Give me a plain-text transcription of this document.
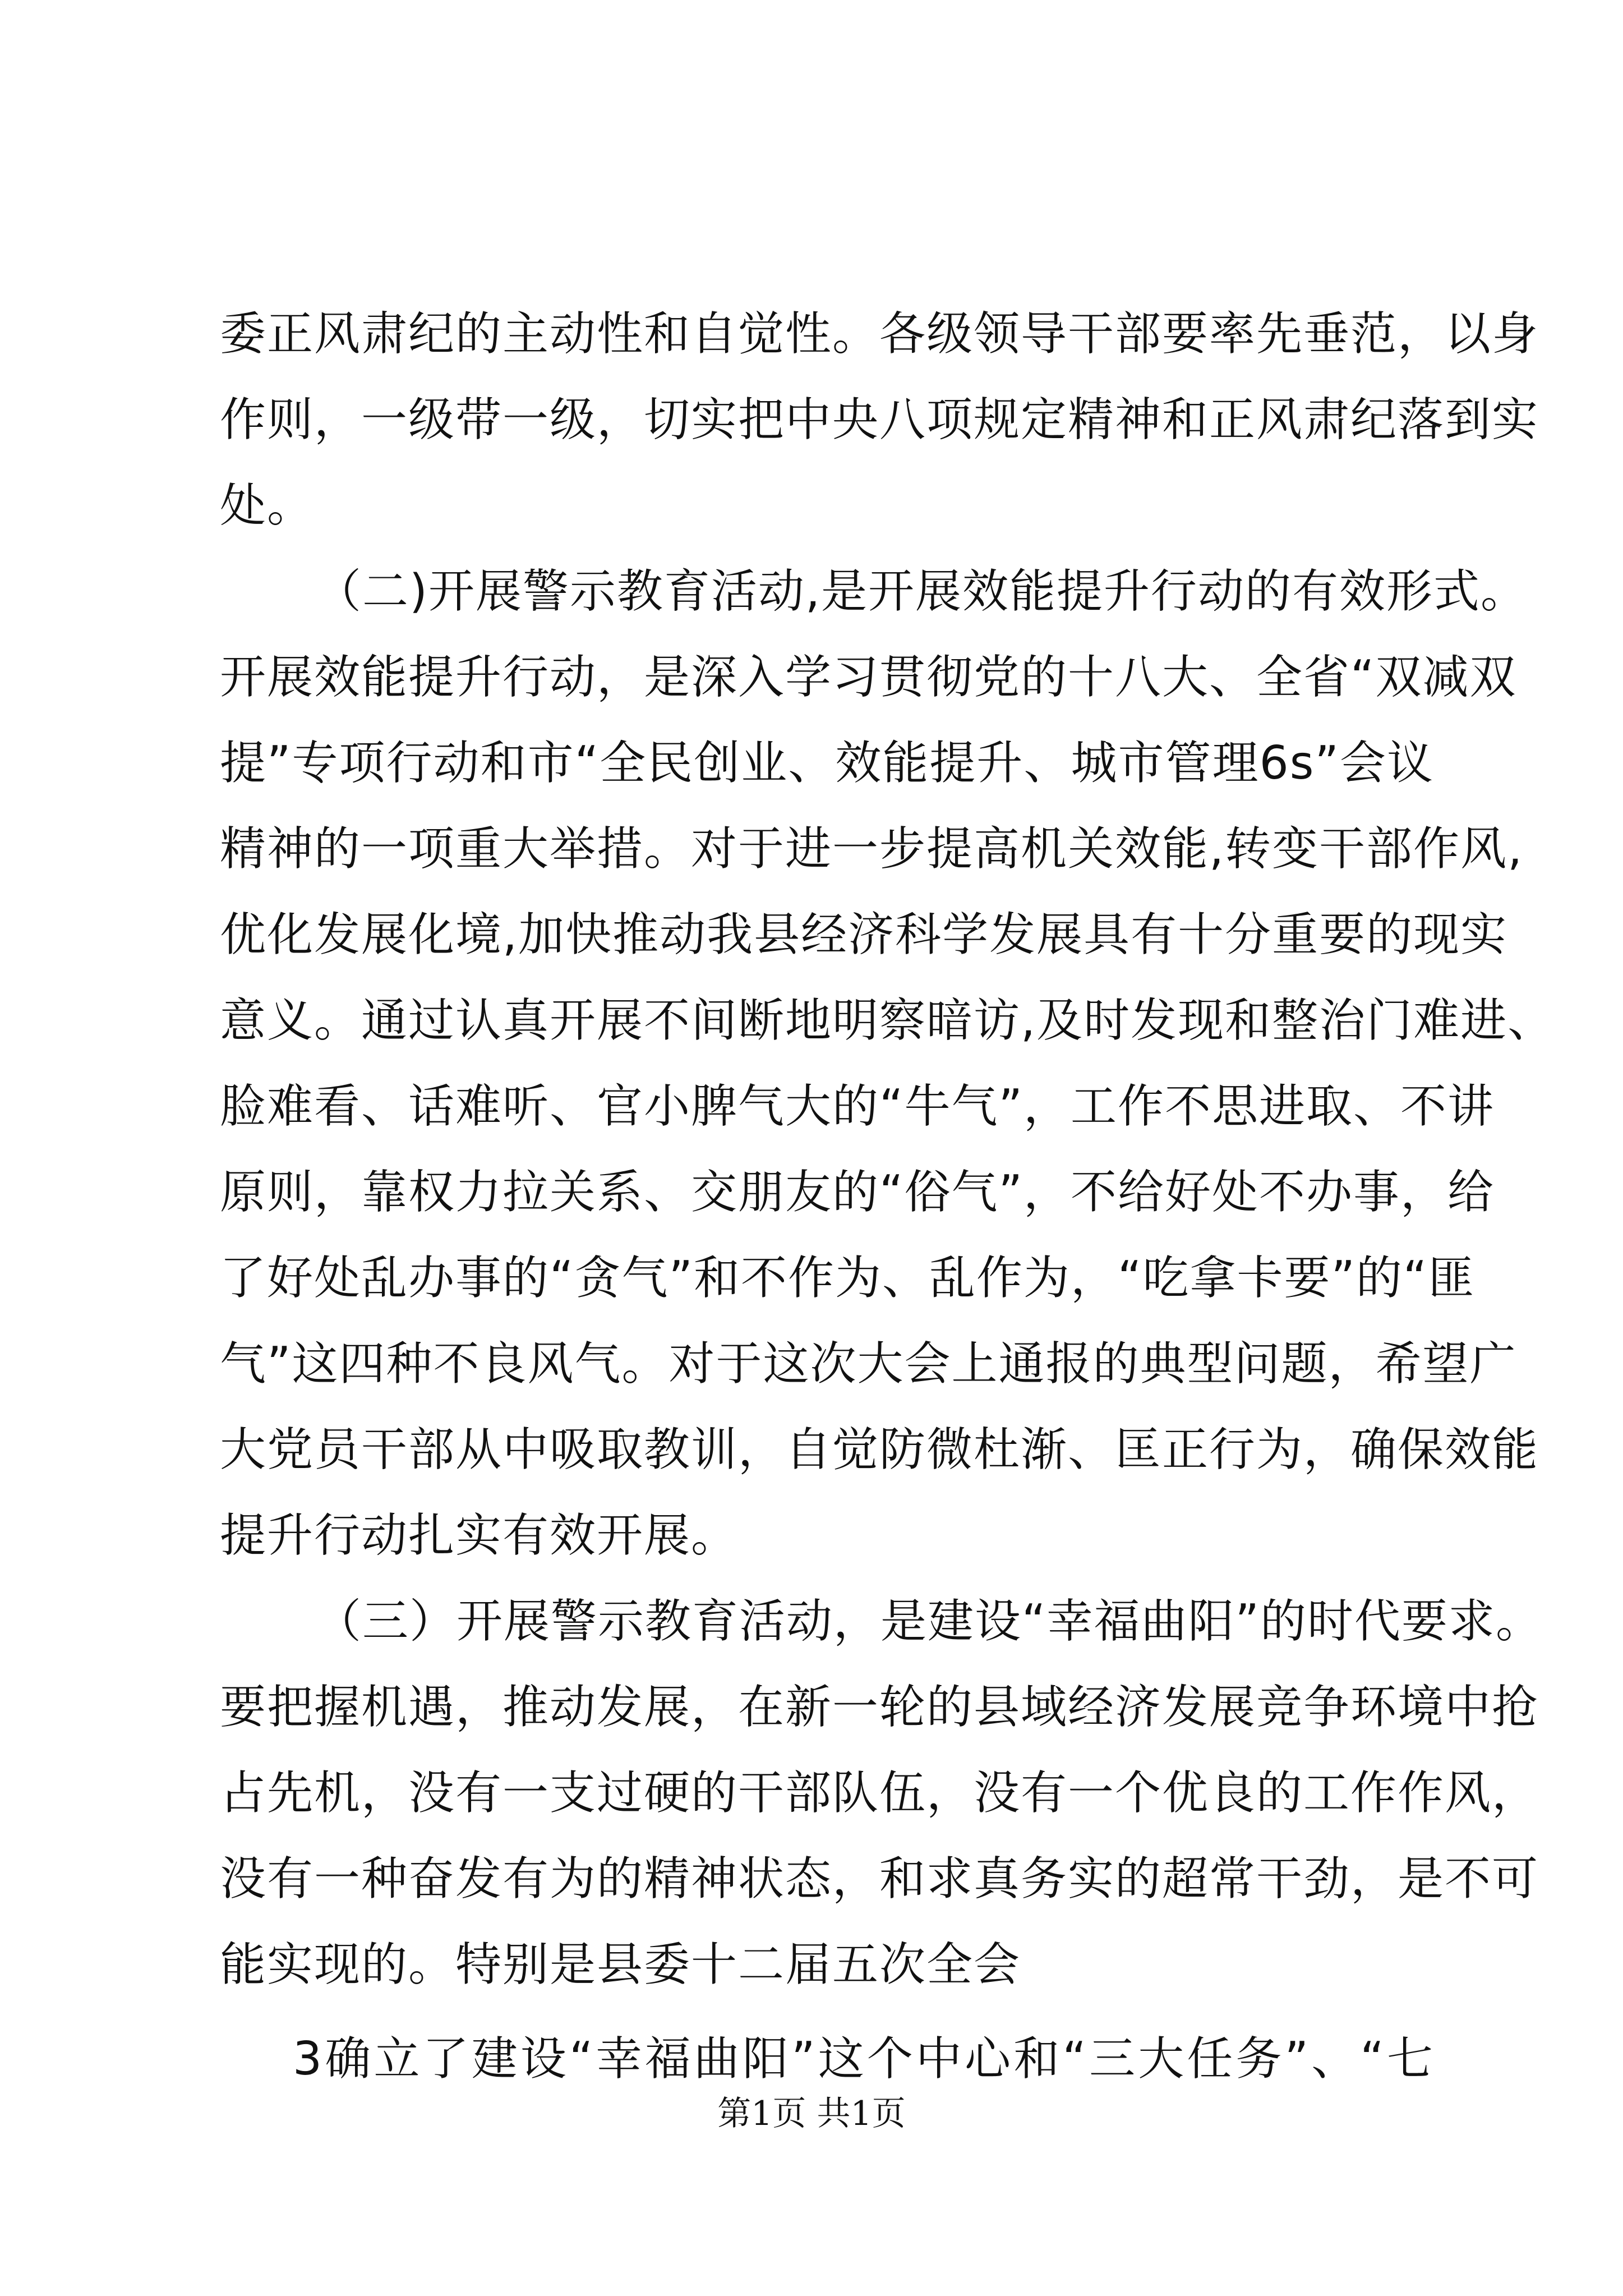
委正风肃纪的主动性和自觉性。各级领导干部要率先垂范，以身
作则，一级带一级，切实把中央八项规定精神和正风肃纪落到实
处。
（二)开展警示教育活动,是开展效能提升行动的有效形式。
开展效能提升行动，是深入学习贯彻党的十八大、全省“双减双
提”专项行动和市“全民创业、效能提升、城市管理6s”会议
精神的一项重大举措。对于进一步提高机关效能,转变干部作风,
优化发展化境,加快推动我县经济科学发展具有十分重要的现实
意义。通过认真开展不间断地明察暗访,及时发现和整治门难进、
脸难看、话难听、官小脾气大的“牛气”，工作不思进取、不讲
原则，靠权力拉关系、交朋友的“俗气”，不给好处不办事，给
了好处乱办事的“贪气”和不作为、乱作为，“吃拿卡要”的“匪
气”这四种不良风气。对于这次大会上通报的典型问题，希望广
大党员干部从中吸取教训，自觉防微杜渐、匡正行为，确保效能
提升行动扎实有效开展。
（三）开展警示教育活动，是建设“幸福曲阳”的时代要求。
要把握机遇，推动发展，在新一轮的县域经济发展竞争环境中抢
占先机，没有一支过硬的干部队伍，没有一个优良的工作作风，
没有一种奋发有为的精神状态，和求真务实的超常干劲，是不可
能实现的。特别是县委十二届五次全会
3确立了建设“幸福曲阳”这个中心和“三大任务”、“七
第1页 共1页
